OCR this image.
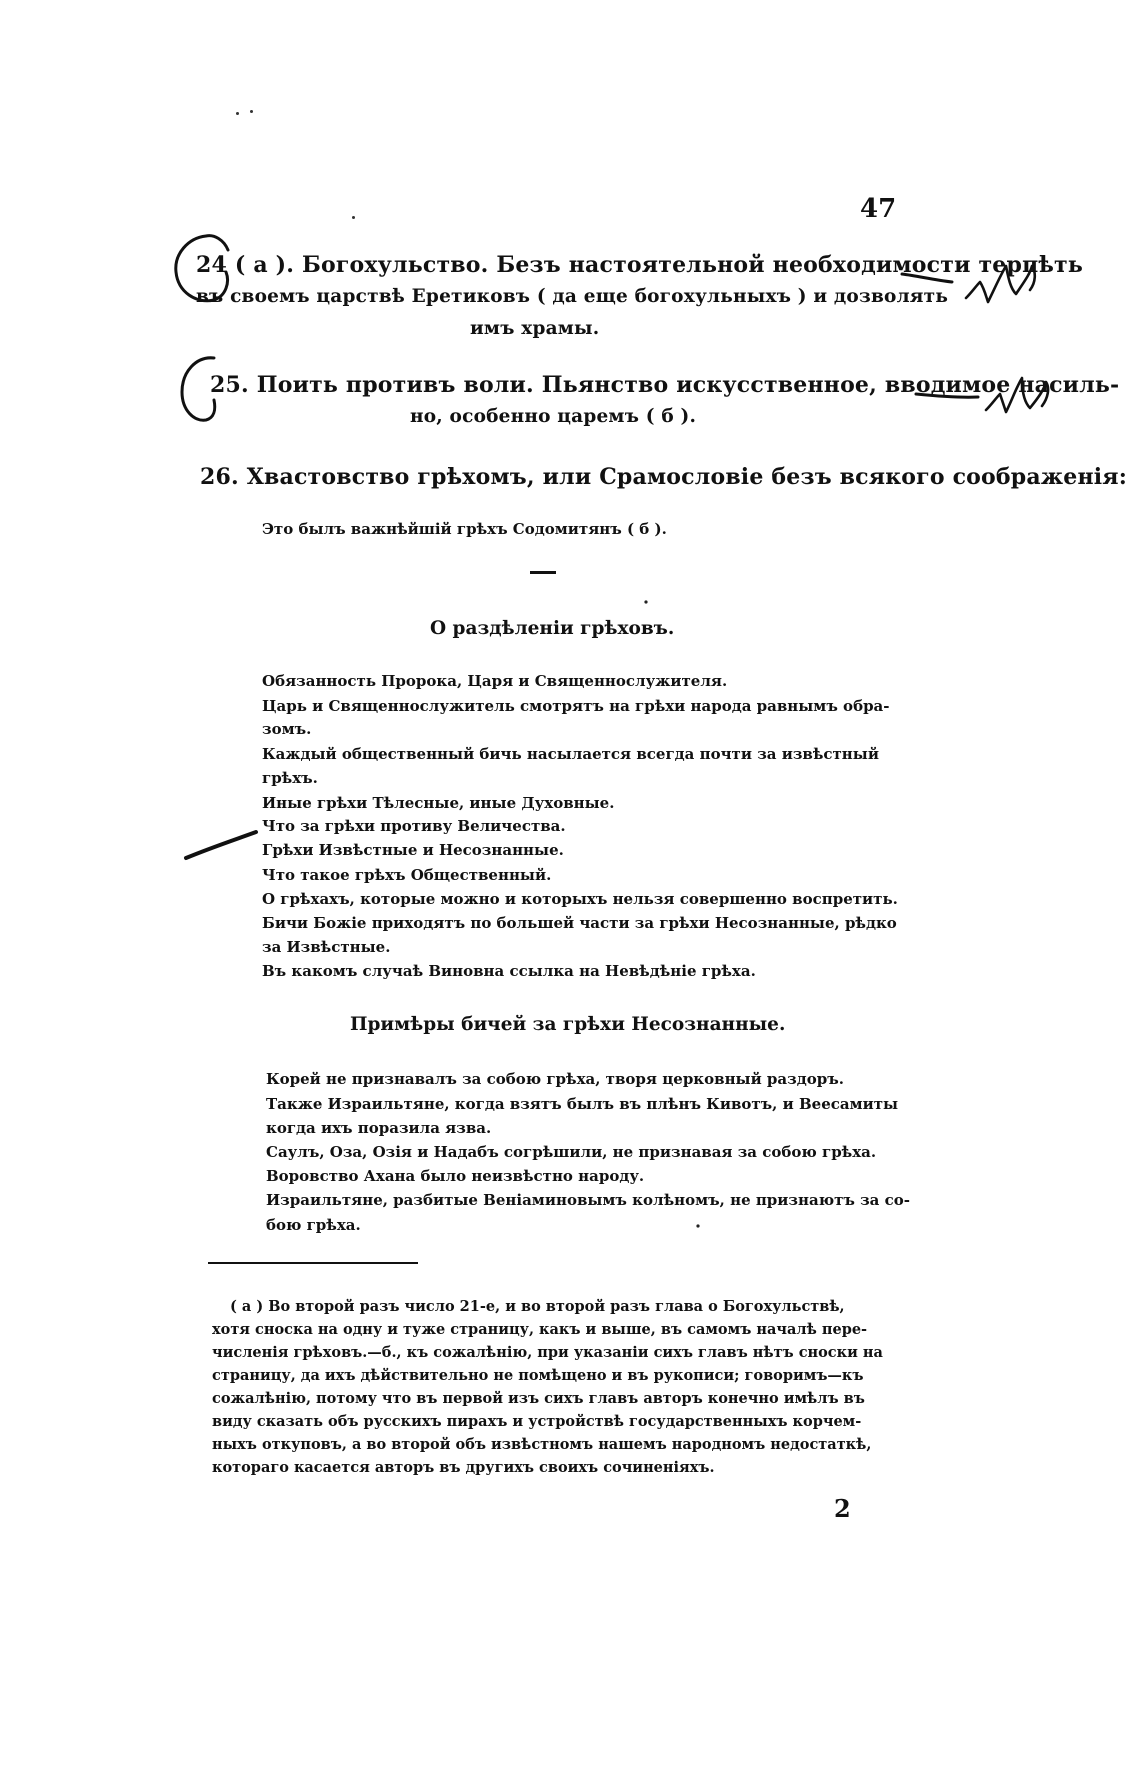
47

24 ( а ). Богохульство. Безъ настоятельной необходимости терпѣть

въ своемъ царствѣ Еретиковъ ( да еще богохульныхъ ) и дозволять

имъ храмы.

25. Поить противъ воли. Пьянство искусственное, вводимое насиль-

но, особенно царемъ ( б ).

26. Хвастовство грѣхомъ, или Срамословіе безъ всякого соображенія:

Это былъ важнѣйшій грѣхъ Содомитянъ ( б ).

О раздѣленіи грѣховъ.

Обязанность Пророка, Царя и Священнослужителя.

Царь и Священнослужитель смотрятъ на грѣхи народа равнымъ обра-

зомъ.

Каждый общественный бичь насылается всегда почти за извѣстный

грѣхъ.

Иные грѣхи Тѣлесные, иные Духовные.

Что за грѣхи противу Величества.

Грѣхи Извѣстные и Несознанные.

Что такое грѣхъ Общественный.

О грѣхахъ, которые можно и которыхъ нельзя совершенно воспретить.

Бичи Божіе приходятъ по большей части за грѣхи Несознанные, рѣдко

за Извѣстные.

Въ какомъ случаѣ Виновна ссылка на Невѣдѣніе грѣха.

Примѣры бичей за грѣхи Несознанные.

Корей не признавалъ за собою грѣха, творя церковный раздоръ.

Также Израильтяне, когда взятъ былъ въ плѣнъ Кивотъ, и Веесамиты

когда ихъ поразила язва.

Саулъ, Оза, Озія и Надабъ согрѣшили, не признавая за собою грѣха.

Воровство Ахана было неизвѣстно народу.

Израильтяне, разбитые Веніаминовымъ колѣномъ, не признаютъ за со-

бою грѣха.

( а ) Во второй разъ число 21-е, и во второй разъ глава о Богохульствѣ,

хотя сноска на одну и туже страницу, какъ и выше, въ самомъ началѣ пере-

численія грѣховъ.—б., къ сожалѣнію, при указаніи сихъ главъ нѣтъ сноски на

страницу, да ихъ дѣйствительно не помѣщено и въ рукописи; говоримъ—къ

сожалѣнію, потому что въ первой изъ сихъ главъ авторъ конечно имѣлъ въ

виду сказать объ русскихъ пирахъ и устройствѣ государственныхъ корчем-

ныхъ откуповъ, а во второй объ извѣстномъ нашемъ народномъ недостаткѣ,

котораго касается авторъ въ другихъ своихъ сочиненіяхъ.

2
